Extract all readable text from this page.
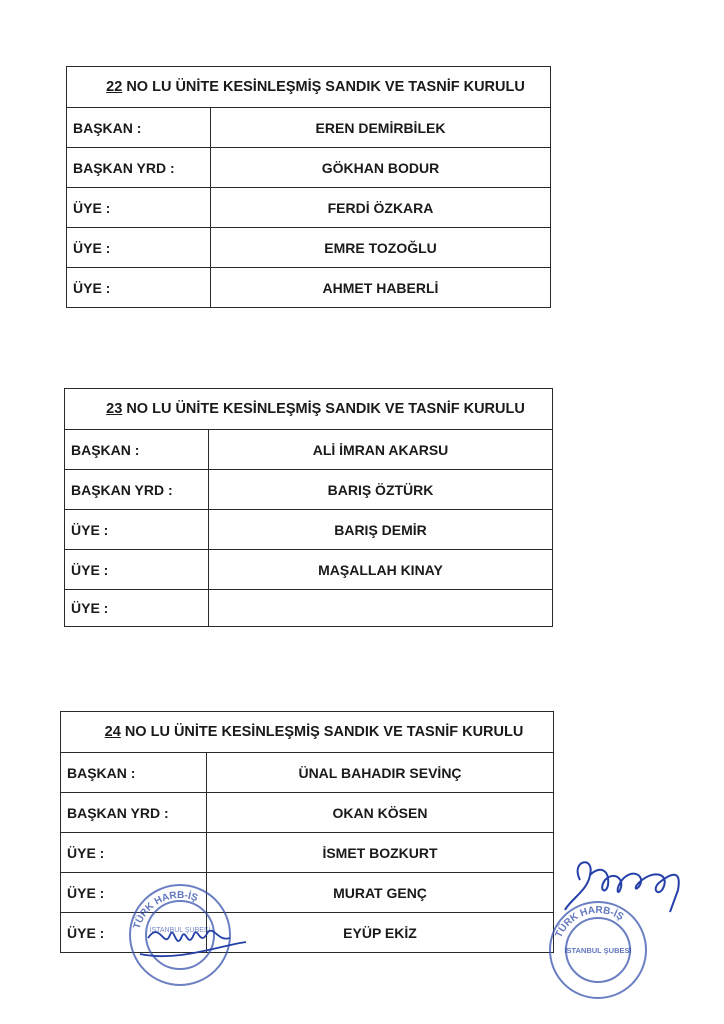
22 NO LU ÜNİTE KESİNLEŞMİŞ SANDIK VE TASNİF KURULU	
BAŞKAN :	EREN DEMİRBİLEK
BAŞKAN YRD :	GÖKHAN BODUR
ÜYE :	FERDİ ÖZKARA
ÜYE :	EMRE TOZOĞLU
ÜYE :	AHMET HABERLİ
23 NO LU ÜNİTE KESİNLEŞMİŞ SANDIK VE TASNİF KURULU	
BAŞKAN :	ALİ İMRAN AKARSU
BAŞKAN YRD :	BARIŞ ÖZTÜRK
ÜYE :	BARIŞ DEMİR
ÜYE :	MAŞALLAH KINAY
ÜYE :	
24 NO LU ÜNİTE KESİNLEŞMİŞ SANDIK VE TASNİF KURULU	
BAŞKAN :	ÜNAL BAHADIR SEVİNÇ
BAŞKAN YRD :	OKAN KÖSEN
ÜYE :	İSMET BOZKURT
ÜYE :	MURAT GENÇ
ÜYE :	EYÜP EKİZ
TÜRK HARB-İŞ
İSTANBUL ŞUBESİ	TÜRK HARB-İŞ
İSTANBUL ŞUBESİ
